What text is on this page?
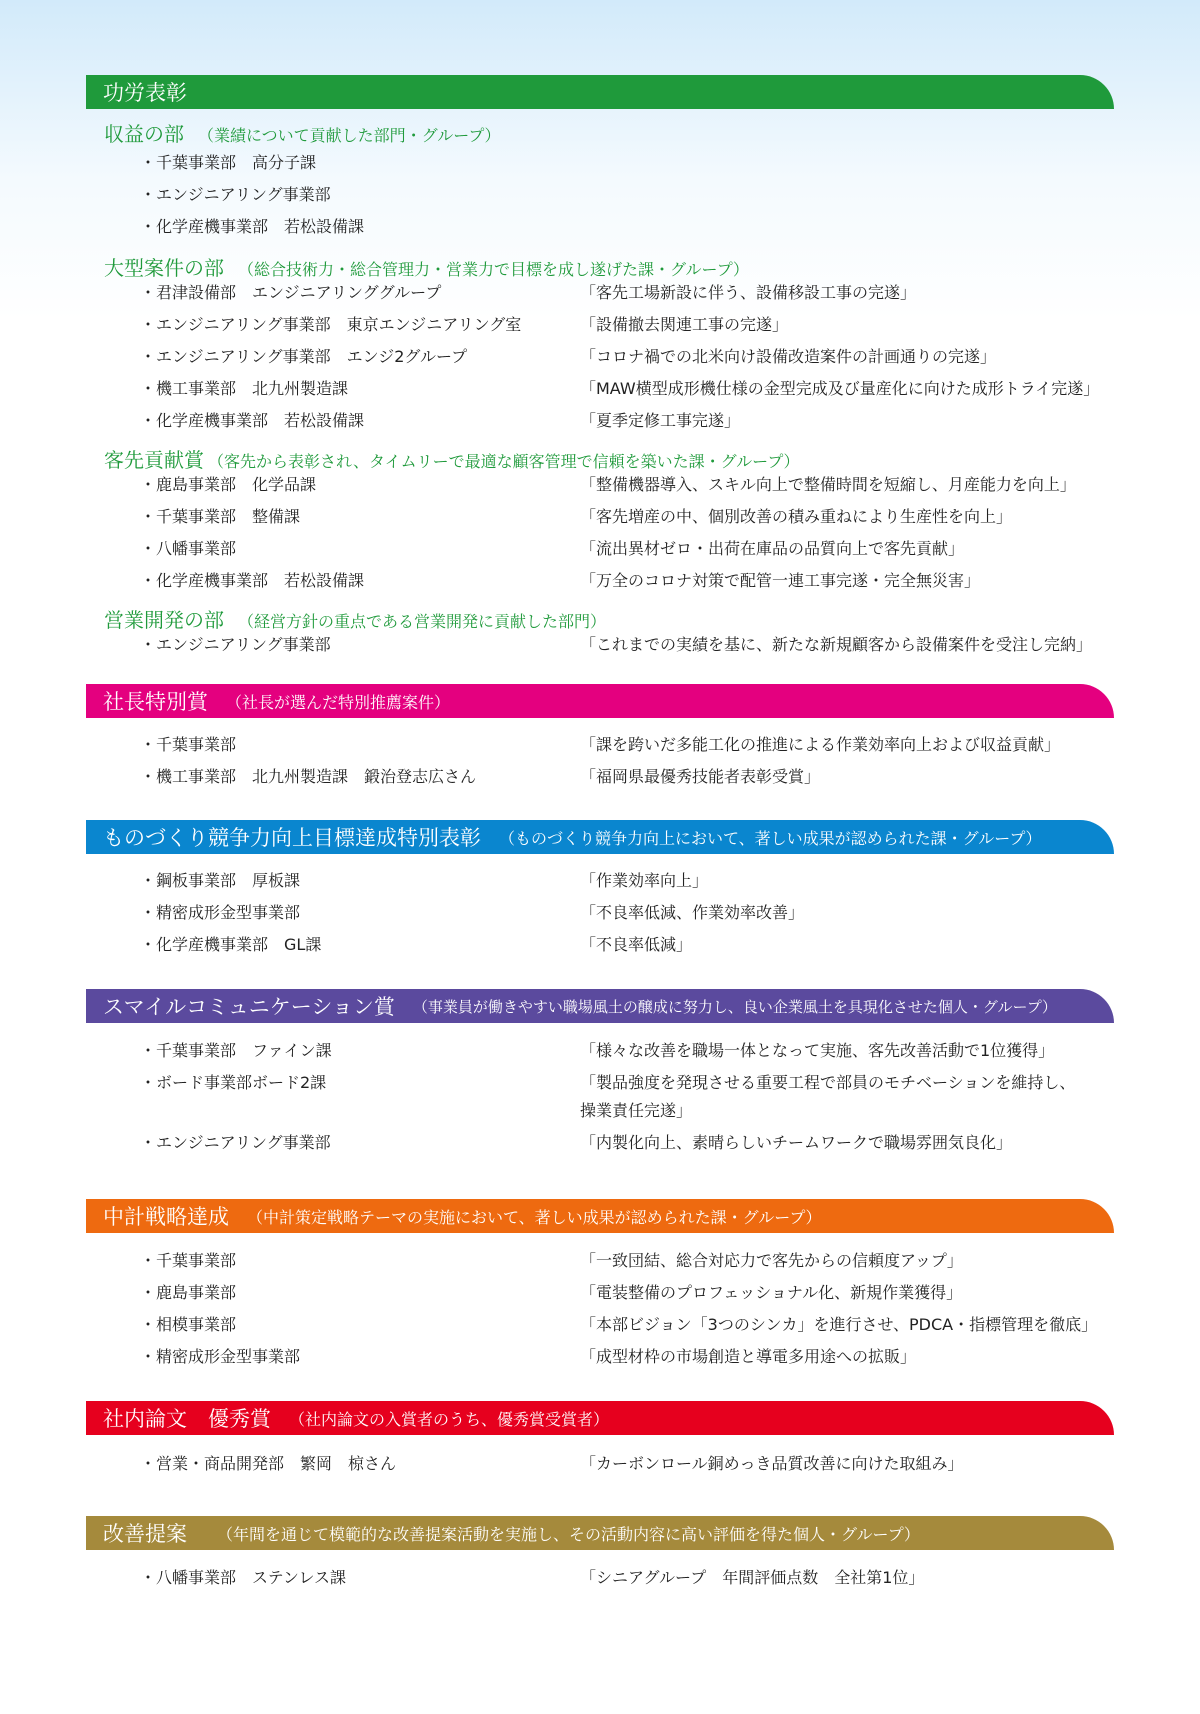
功労表彰
収益の部 （業績について貢献した部門・グループ）
・千葉事業部　高分子課
・エンジニアリング事業部
・化学産機事業部　若松設備課
大型案件の部 （総合技術力・総合管理力・営業力で目標を成し遂げた課・グループ）
・君津設備部　エンジニアリンググループ	「客先工場新設に伴う、設備移設工事の完遂」
・エンジニアリング事業部　東京エンジニアリング室	「設備撤去関連工事の完遂」
・エンジニアリング事業部　エンジ2グループ	「コロナ禍での北米向け設備改造案件の計画通りの完遂」
・機工事業部　北九州製造課	「MAW横型成形機仕様の金型完成及び量産化に向けた成形トライ完遂」
・化学産機事業部　若松設備課	「夏季定修工事完遂」
客先貢献賞 （客先から表彰され、タイムリーで最適な顧客管理で信頼を築いた課・グループ）
・鹿島事業部　化学品課	「整備機器導入、スキル向上で整備時間を短縮し、月産能力を向上」
・千葉事業部　整備課	「客先増産の中、個別改善の積み重ねにより生産性を向上」
・八幡事業部	「流出異材ゼロ・出荷在庫品の品質向上で客先貢献」
・化学産機事業部　若松設備課	「万全のコロナ対策で配管一連工事完遂・完全無災害」
営業開発の部 （経営方針の重点である営業開発に貢献した部門）
・エンジニアリング事業部	「これまでの実績を基に、新たな新規顧客から設備案件を受注し完納」
社長特別賞 （社長が選んだ特別推薦案件）
・千葉事業部	「課を跨いだ多能工化の推進による作業効率向上および収益貢献」
・機工事業部　北九州製造課　鍛治登志広さん	「福岡県最優秀技能者表彰受賞」
ものづくり競争力向上目標達成特別表彰 （ものづくり競争力向上において、著しい成果が認められた課・グループ）
・鋼板事業部　厚板課	「作業効率向上」
・精密成形金型事業部	「不良率低減、作業効率改善」
・化学産機事業部　GL課	「不良率低減」
スマイルコミュニケーション賞 （事業員が働きやすい職場風土の醸成に努力し、良い企業風土を具現化させた個人・グループ）
・千葉事業部　ファイン課	「様々な改善を職場一体となって実施、客先改善活動で1位獲得」
・ボード事業部ボード2課	「製品強度を発現させる重要工程で部員のモチベーションを維持し、
操業責任完遂」
・エンジニアリング事業部	「内製化向上、素晴らしいチームワークで職場雰囲気良化」
中計戦略達成 （中計策定戦略テーマの実施において、著しい成果が認められた課・グループ）
・千葉事業部	「一致団結、総合対応力で客先からの信頼度アップ」
・鹿島事業部	「電装整備のプロフェッショナル化、新規作業獲得」
・相模事業部	「本部ビジョン「3つのシンカ」を進行させ、PDCA・指標管理を徹底」
・精密成形金型事業部	「成型材枠の市場創造と導電多用途への拡販」
社内論文　優秀賞 （社内論文の入賞者のうち、優秀賞受賞者）
・営業・商品開発部　繁岡　椋さん	「カーボンロール銅めっき品質改善に向けた取組み」
改善提案 （年間を通じて模範的な改善提案活動を実施し、その活動内容に高い評価を得た個人・グループ）
・八幡事業部　ステンレス課	「シニアグループ　年間評価点数　全社第1位」
